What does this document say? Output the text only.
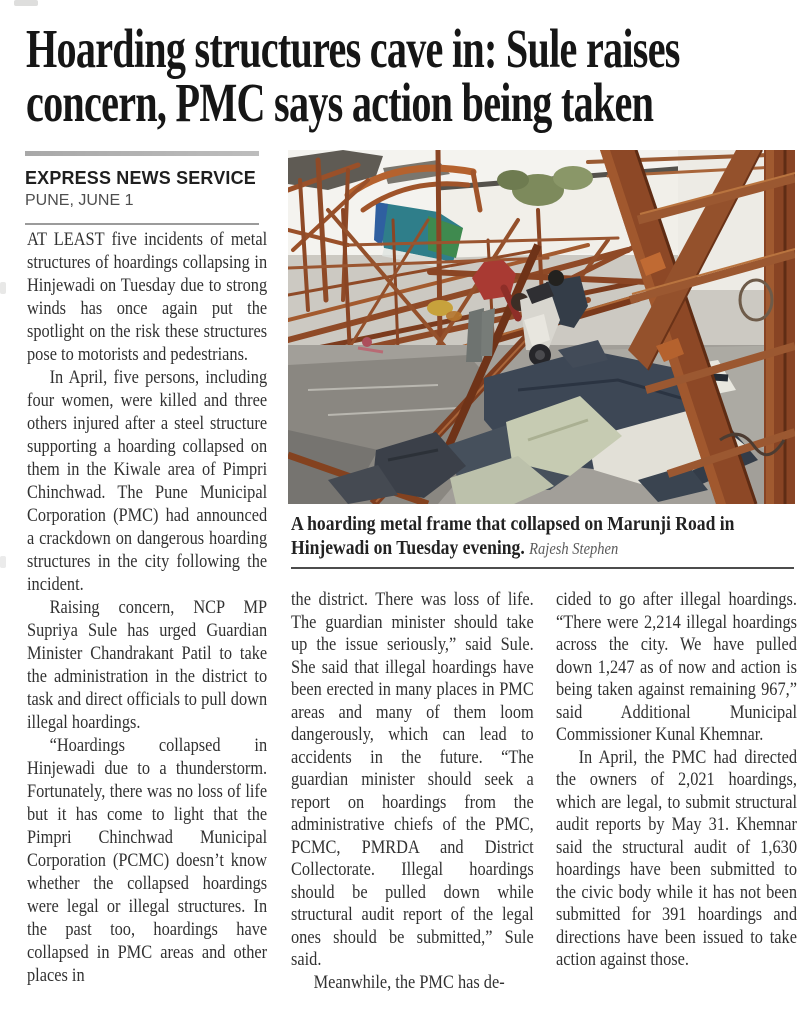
Hoarding structures cave in: Sule raises
concern, PMC says action being taken
EXPRESS NEWS SERVICE
PUNE, JUNE 1

AT LEAST five incidents of metal structures of hoardings collapsing in Hinjewadi on Tuesday due to strong winds has once again put the spotlight on the risk these structures pose to motorists and pedestrians.

In April, five persons, including four women, were killed and three others injured after a steel structure supporting a hoarding collapsed on them in the Kiwale area of Pimpri Chinchwad. The Pune Municipal Corporation (PMC) had announced a crackdown on dangerous hoarding structures in the city following the incident.

Raising concern, NCP MP Supriya Sule has urged Guardian Minister Chandrakant Patil to take the administration in the district to task and direct officials to pull down illegal hoardings.

“Hoardings collapsed in Hinjewadi due to a thunderstorm. Fortunately, there was no loss of life but it has come to light that the Pimpri Chinchwad Municipal Corporation (PCMC) doesn’t know whether the collapsed hoardings were legal or illegal structures. In the past too, hoardings have collapsed in PMC areas and other places in

A hoarding metal frame that collapsed on Marunji Road in Hinjewadi on Tuesday evening. Rajesh Stephen

the district. There was loss of life. The guardian minister should take up the issue seriously,” said Sule. She said that illegal hoardings have been erected in many places in PMC areas and many of them loom dangerously, which can lead to accidents in the future. “The guardian minister should seek a report on hoardings from the administrative chiefs of the PMC, PCMC, PMRDA and District Collectorate. Illegal hoardings should be pulled down while structural audit report of the legal ones should be submitted,” Sule said.

Meanwhile, the PMC has de-

cided to go after illegal hoardings. “There were 2,214 illegal hoardings across the city. We have pulled down 1,247 as of now and action is being taken against remaining 967,” said Additional Municipal Commissioner Kunal Khemnar.

In April, the PMC had directed the owners of 2,021 hoardings, which are legal, to submit structural audit reports by May 31. Khemnar said the structural audit of 1,630 hoardings have been submitted to the civic body while it has not been submitted for 391 hoardings and directions have been issued to take action against those.
